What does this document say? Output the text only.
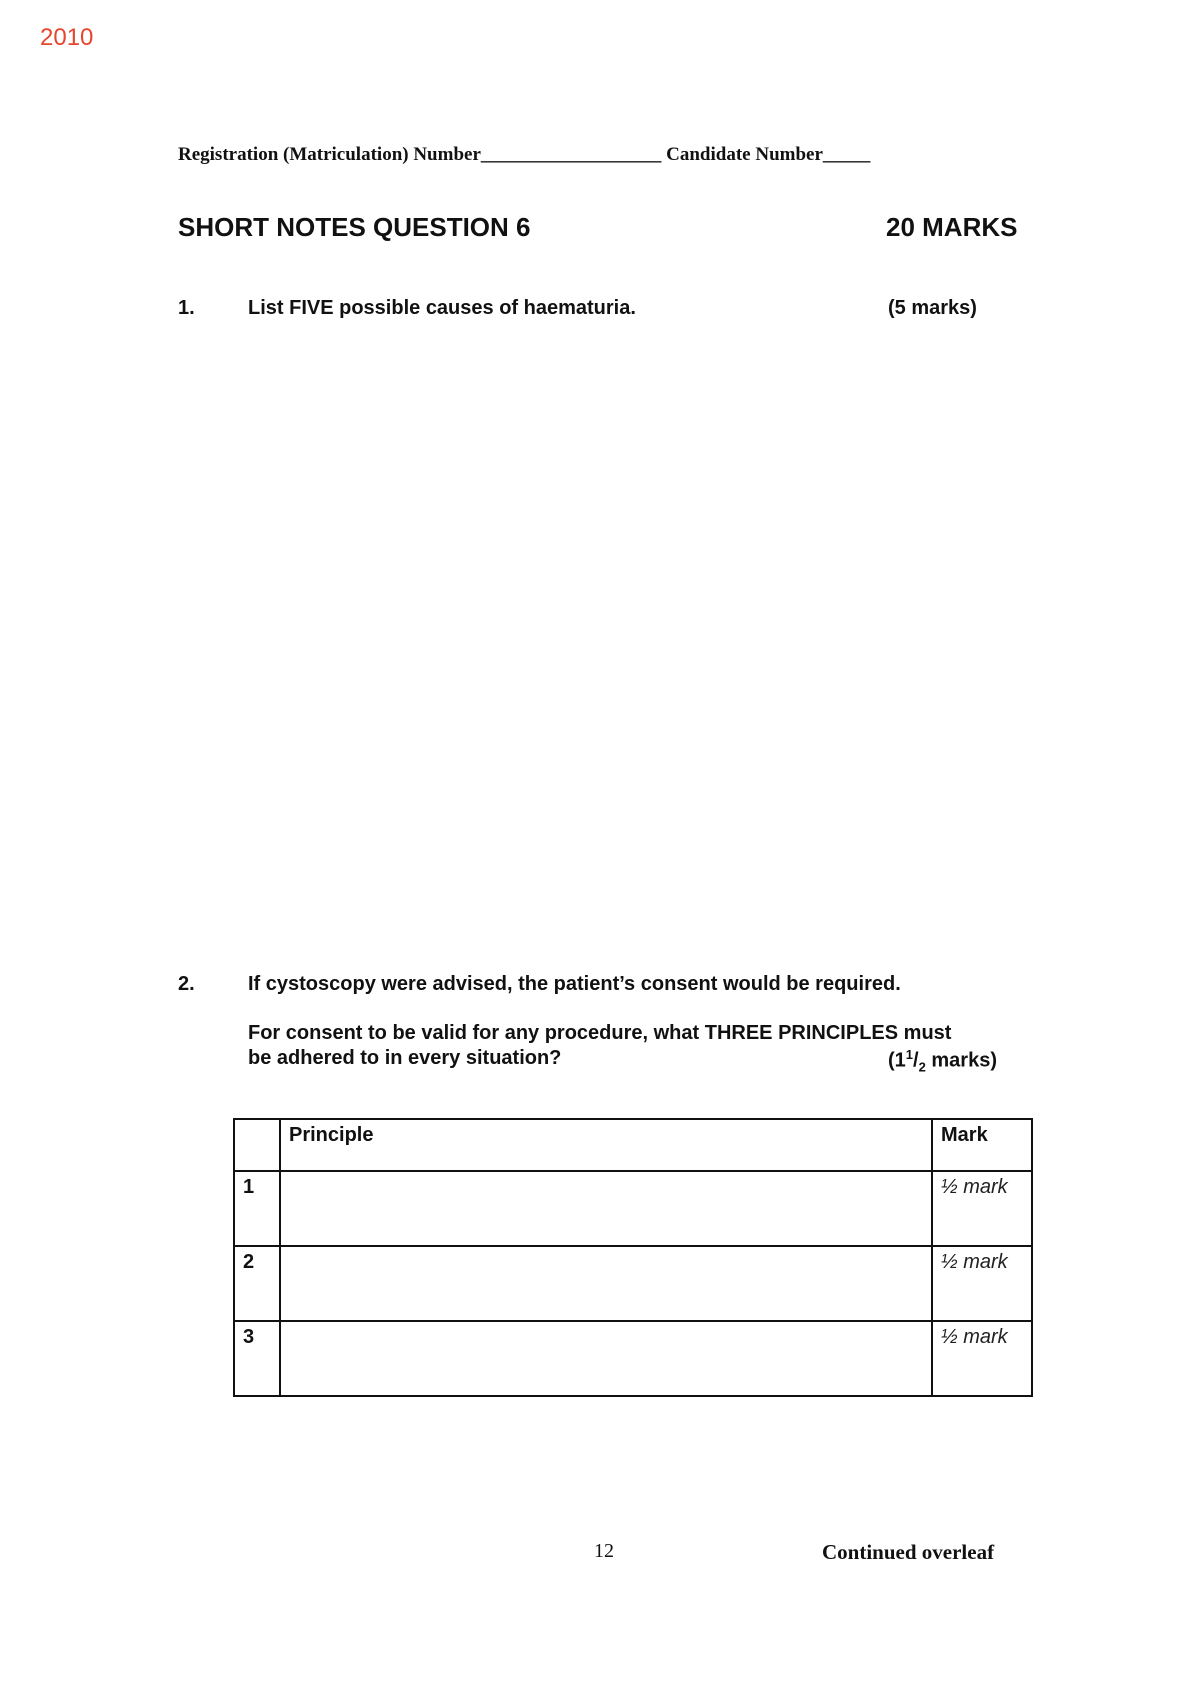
2010
Registration (Matriculation) Number___________________ Candidate Number_____
SHORT NOTES QUESTION 6	20 MARKS
1.	List FIVE possible causes of haematuria.	(5 marks)
2.	If cystoscopy were advised, the patient’s consent would be required.
For consent to be valid for any procedure, what THREE PRINCIPLES must
be adhered to in every situation?	($1^1/_2$ marks)
	Principle	Mark
1		½ mark
2		½ mark
3		½ mark
12	Continued overleaf
